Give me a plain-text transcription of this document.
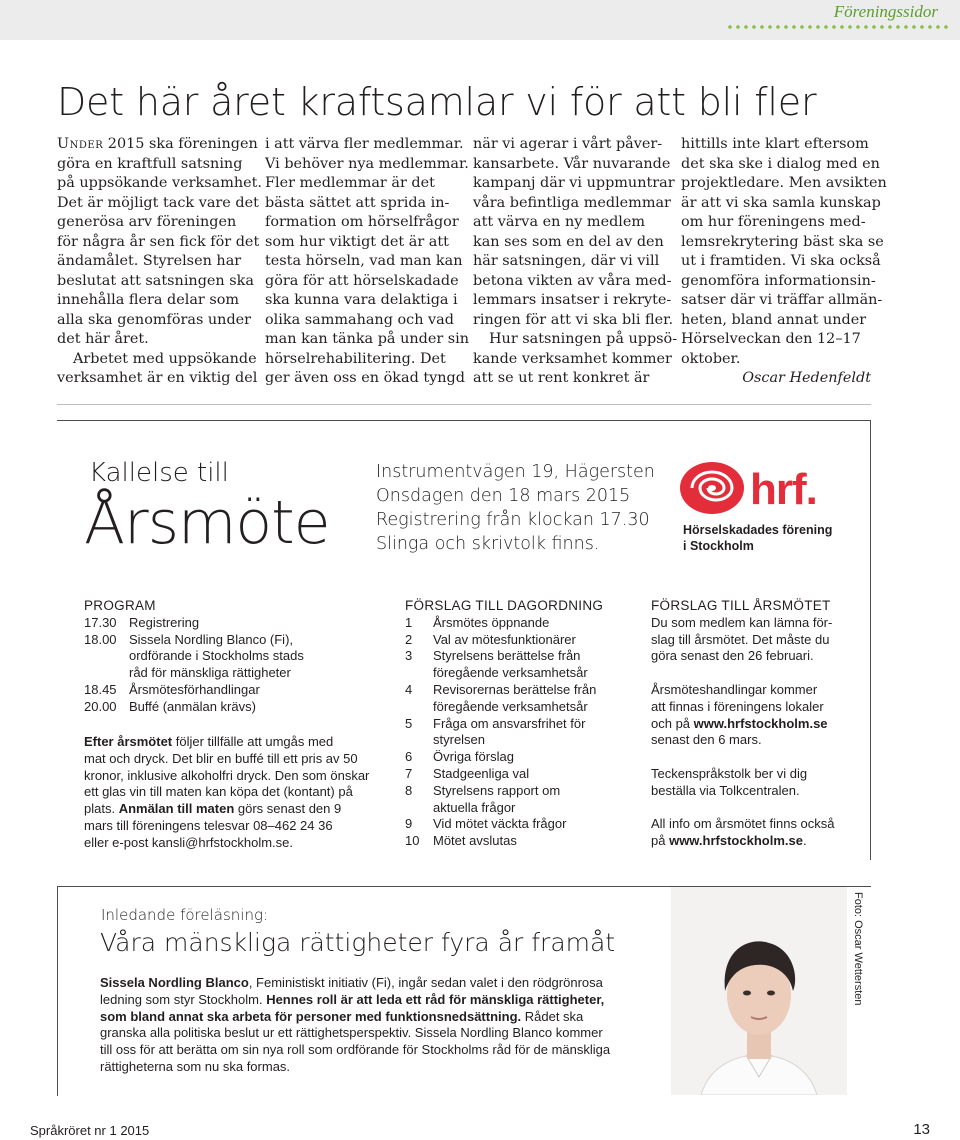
Föreningssidor
Det här året kraftsamlar vi för att bli fler
Under 2015 ska föreningen
göra en kraftfull satsning
på uppsökande verksamhet.
Det är möjligt tack vare det
generösa arv föreningen
för några år sen fick för det
ändamålet. Styrelsen har
beslutat att satsningen ska
innehålla flera delar som
alla ska genomföras under
det här året.
Arbetet med uppsökande
verksamhet är en viktig del
i att värva fler medlemmar.
Vi behöver nya medlemmar.
Fler medlemmar är det
bästa sättet att sprida in-
formation om hörselfrågor
som hur viktigt det är att
testa hörseln, vad man kan
göra för att hörselskadade
ska kunna vara delaktiga i
olika sammahang och vad
man kan tänka på under sin
hörselrehabilitering. Det
ger även oss en ökad tyngd
när vi agerar i vårt påver-
kansarbete. Vår nuvarande
kampanj där vi uppmuntrar
våra befintliga medlemmar
att värva en ny medlem
kan ses som en del av den
här satsningen, där vi vill
betona vikten av våra med-
lemmars insatser i rekryte-
ringen för att vi ska bli fler.
Hur satsningen på uppsö-
kande verksamhet kommer
att se ut rent konkret är
hittills inte klart eftersom
det ska ske i dialog med en
projektledare. Men avsikten
är att vi ska samla kunskap
om hur föreningens med-
lemsrekrytering bäst ska se
ut i framtiden. Vi ska också
genomföra informationsin-
satser där vi träffar allmän-
heten, bland annat under
Hörselveckan den 12–17
oktober.
Oscar Hedenfeldt
Kallelse till
Årsmöte
Instrumentvägen 19, Hägersten
Onsdagen den 18 mars 2015
Registrering från klockan 17.30
Slinga och skrivtolk finns.
hrf.
Hörselskadades förening
i Stockholm
PROGRAM
17.30 Registrering
18.00 Sissela Nordling Blanco (Fi),
ordförande i Stockholms stads
råd för mänskliga rättigheter
18.45 Årsmötesförhandlingar
20.00 Buffé (anmälan krävs)
Efter årsmötet följer tillfälle att umgås med
mat och dryck. Det blir en buffé till ett pris av 50
kronor, inklusive alkoholfri dryck. Den som önskar
ett glas vin till maten kan köpa det (kontant) på
plats. Anmälan till maten görs senast den 9
mars till föreningens telesvar 08–462 24 36
eller e-post kansli@hrfstockholm.se.
FÖRSLAG TILL DAGORDNING
1	Årsmötes öppnande
2	Val av mötesfunktionärer
3	Styrelsens berättelse från
föregående verksamhetsår
4	Revisorernas berättelse från
föregående verksamhetsår
5	Fråga om ansvarsfrihet för
styrelsen
6	Övriga förslag
7	Stadgeenliga val
8	Styrelsens rapport om
aktuella frågor
9	Vid mötet väckta frågor
10	Mötet avslutas
FÖRSLAG TILL ÅRSMÖTET
Du som medlem kan lämna för-
slag till årsmötet. Det måste du
göra senast den 26 februari.
Årsmöteshandlingar kommer
att finnas i föreningens lokaler
och på www.hrfstockholm.se
senast den 6 mars.
Teckenspråkstolk ber vi dig
beställa via Tolkcentralen.
All info om årsmötet finns också
på www.hrfstockholm.se.
Inledande föreläsning:
Våra mänskliga rättigheter fyra år framåt
Sissela Nordling Blanco, Feministiskt initiativ (Fi), ingår sedan valet i den rödgrönrosa
ledning som styr Stockholm. Hennes roll är att leda ett råd för mänskliga rättigheter,
som bland annat ska arbeta för personer med funktionsnedsättning. Rådet ska
granska alla politiska beslut ur ett rättighetsperspektiv. Sissela Nordling Blanco kommer
till oss för att berätta om sin nya roll som ordförande för Stockholms råd för de mänskliga
rättigheterna som nu ska formas.
Foto: Oscar Wettersten
Språkröret nr 1 2015	13
